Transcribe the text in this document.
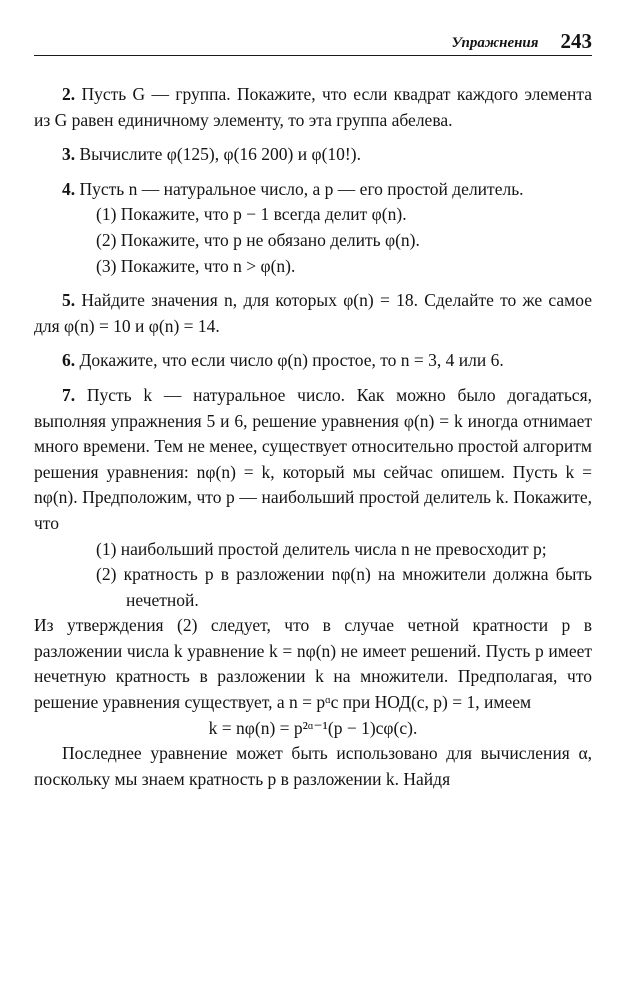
Упражнения 243

2. Пусть G — группа. Покажите, что если квадрат каждого элемента из G равен единичному элементу, то эта группа абелева.

3. Вычислите φ(125), φ(16 200) и φ(10!).

4. Пусть n — натуральное число, а p — его простой делитель.

(1) Покажите, что p − 1 всегда делит φ(n).
(2) Покажите, что p не обязано делить φ(n).
(3) Покажите, что n > φ(n).

5. Найдите значения n, для которых φ(n) = 18. Сделайте то же самое для φ(n) = 10 и φ(n) = 14.

6. Докажите, что если число φ(n) простое, то n = 3, 4 или 6.

7. Пусть k — натуральное число. Как можно было догадаться, выполняя упражнения 5 и 6, решение уравнения φ(n) = k иногда отнимает много времени. Тем не менее, существует относительно простой алгоритм решения уравнения: nφ(n) = k, который мы сейчас опишем. Пусть k = nφ(n). Предположим, что p — наибольший простой делитель k. Покажите, что

(1) наибольший простой делитель числа n не превосходит p;
(2) кратность p в разложении nφ(n) на множители должна быть нечетной.

Из утверждения (2) следует, что в случае четной кратности p в разложении числа k уравнение k = nφ(n) не имеет решений. Пусть p имеет нечетную кратность в разложении k на множители. Предполагая, что решение уравнения существует, а n = pᵅc при НОД(c, p) = 1, имеем

k = nφ(n) = p²ᵅ⁻¹(p − 1)cφ(c).

Последнее уравнение может быть использовано для вычисления α, поскольку мы знаем кратность p в разложении k. Найдя
